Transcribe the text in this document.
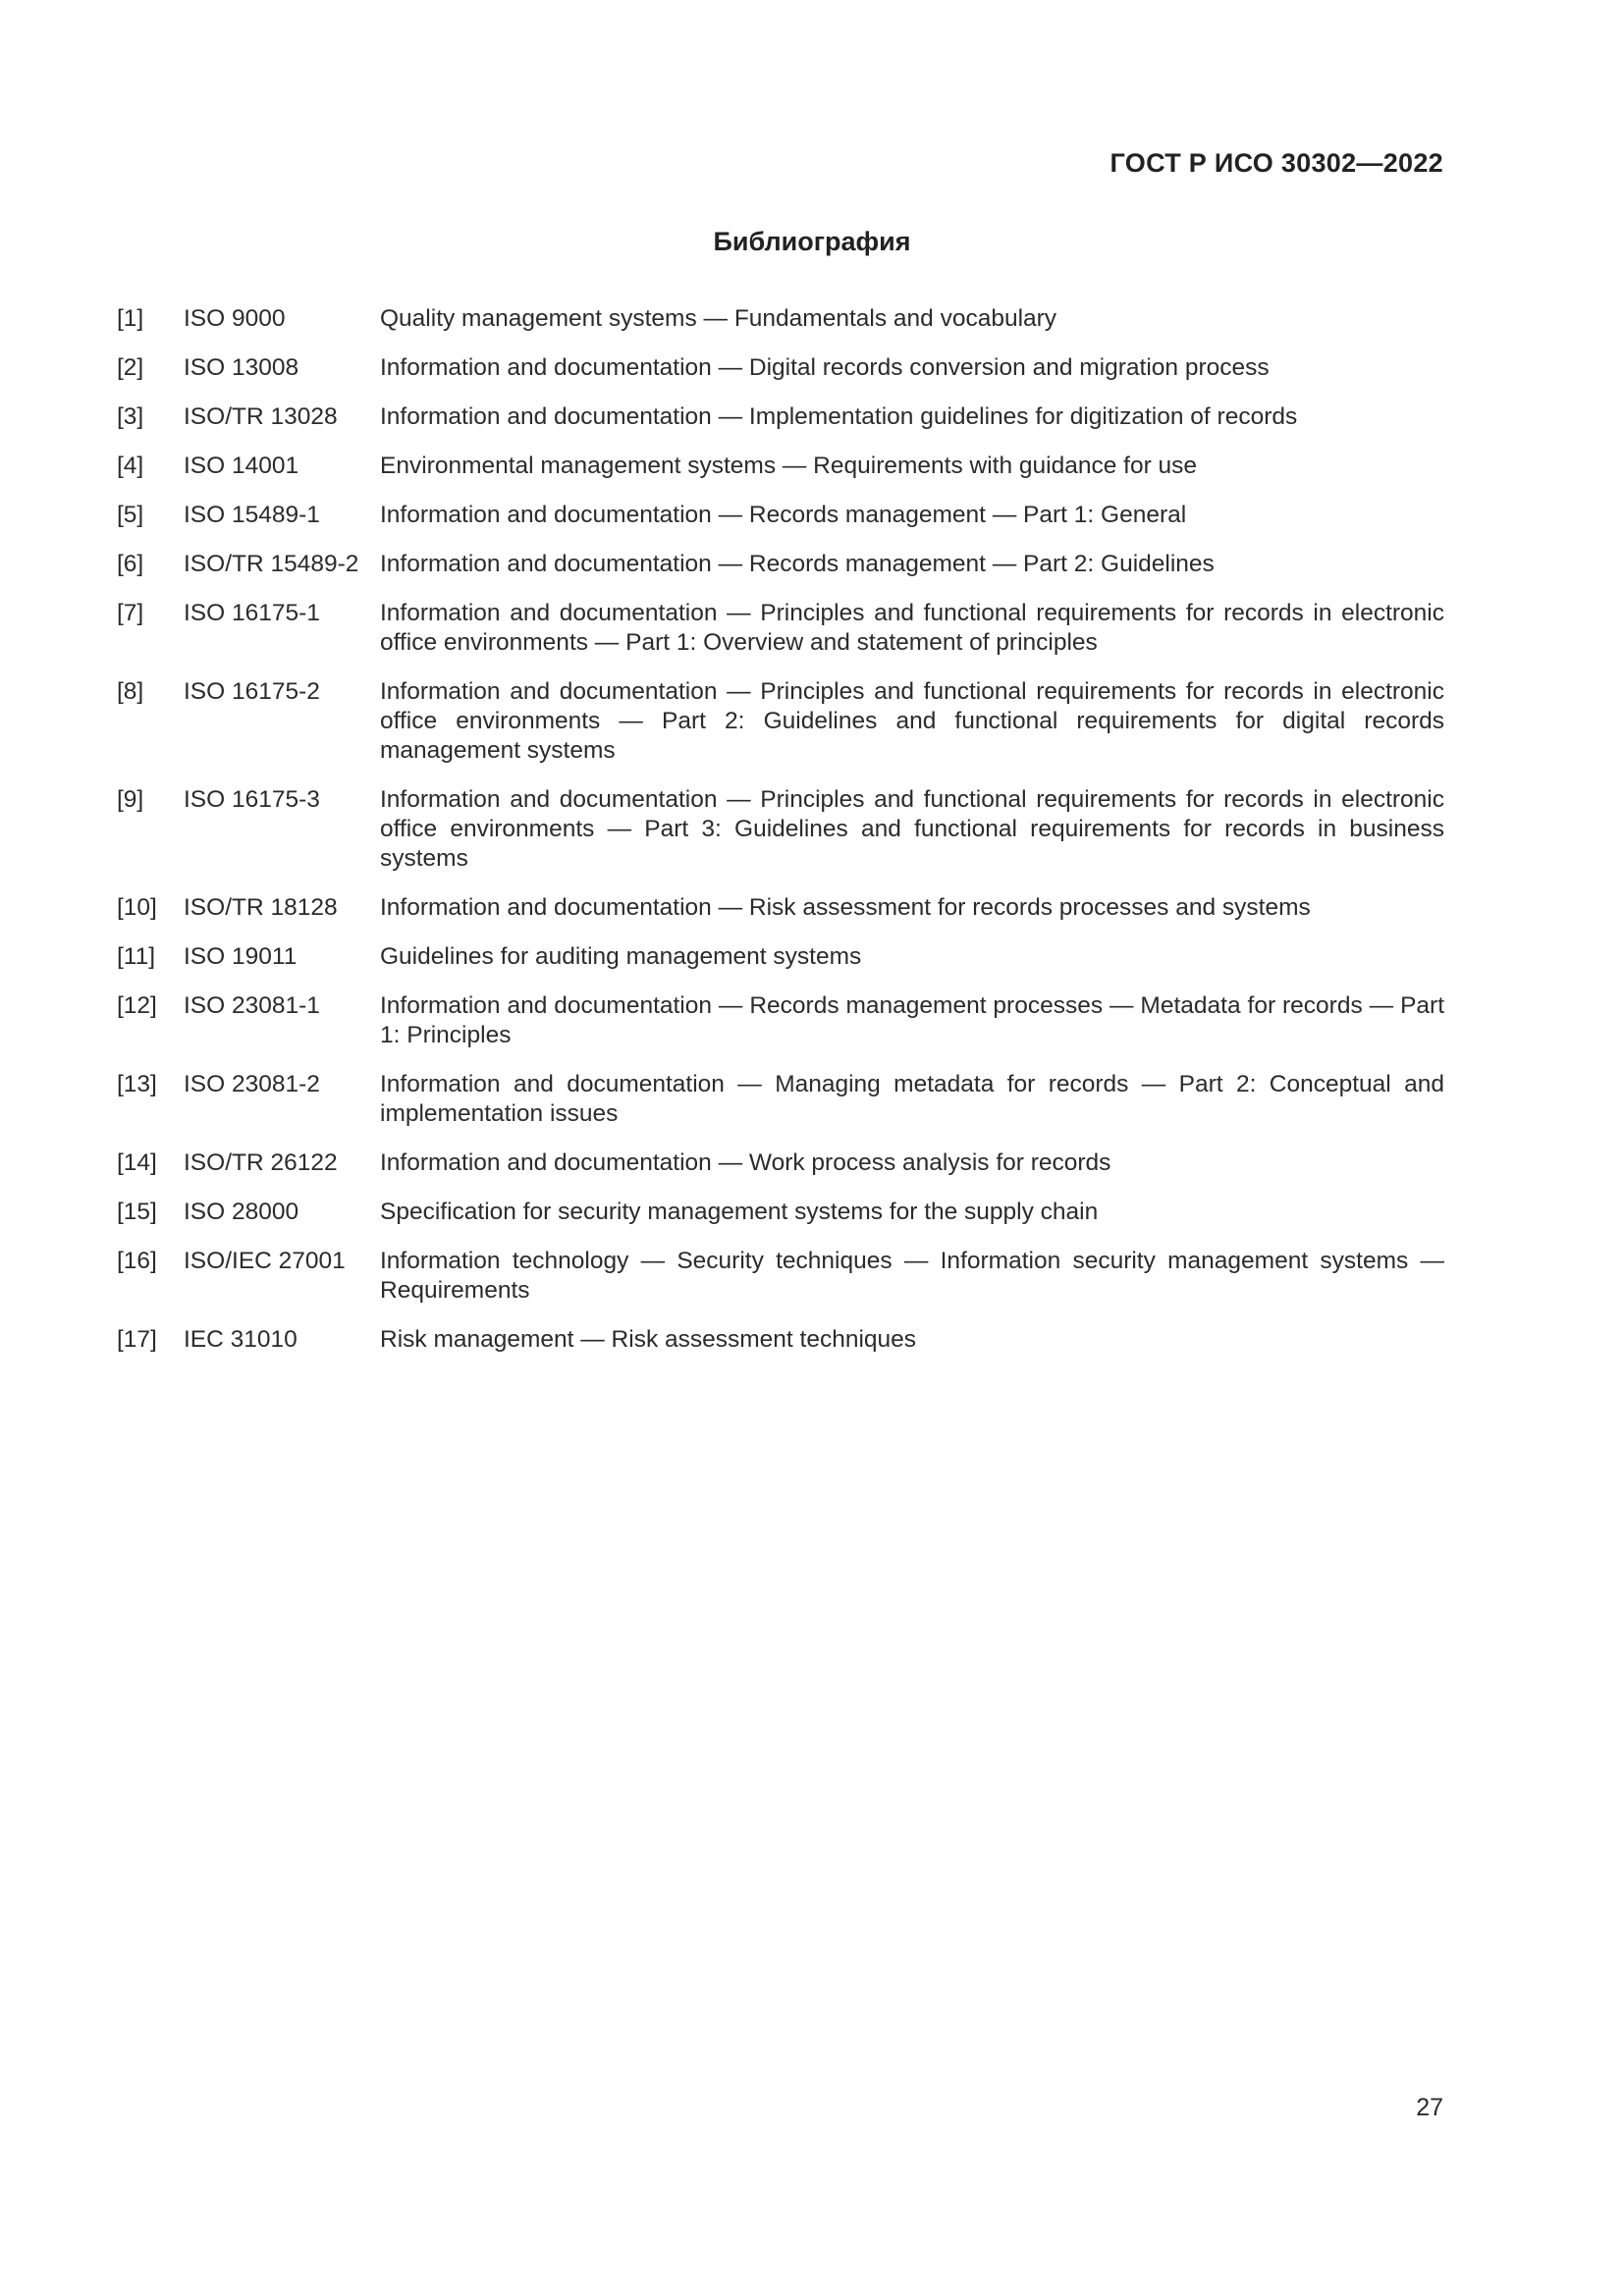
ГОСТ Р ИСО 30302—2022
Библиография
[1]	ISO 9000	Quality management systems — Fundamentals and vocabulary
[2]	ISO 13008	Information and documentation — Digital records conversion and migration process
[3]	ISO/TR 13028	Information and documentation — Implementation guidelines for digitization of records
[4]	ISO 14001	Environmental management systems — Requirements with guidance for use
[5]	ISO 15489-1	Information and documentation — Records management — Part 1: General
[6]	ISO/TR 15489-2 Information and documentation — Records management — Part 2: Guidelines
[7]	ISO 16175-1	Information and documentation — Principles and functional requirements for records in electronic office environments — Part 1: Overview and statement of principles
[8]	ISO 16175-2	Information and documentation — Principles and functional requirements for records in electronic office environments — Part 2: Guidelines and functional requirements for digital records management systems
[9]	ISO 16175-3	Information and documentation — Principles and functional requirements for records in electronic office environments — Part 3: Guidelines and functional requirements for records in business systems
[10]	ISO/TR 18128	Information and documentation — Risk assessment for records processes and systems
[11]	ISO 19011	Guidelines for auditing management systems
[12]	ISO 23081-1	Information and documentation — Records management processes — Metadata for records — Part 1: Principles
[13]	ISO 23081-2	Information and documentation — Managing metadata for records — Part 2: Conceptual and implementation issues
[14]	ISO/TR 26122	Information and documentation — Work process analysis for records
[15]	ISO 28000	Specification for security management systems for the supply chain
[16]	ISO/IEC 27001	Information technology — Security techniques — Information security management systems — Requirements
[17]	IEC 31010	Risk management — Risk assessment techniques
27
